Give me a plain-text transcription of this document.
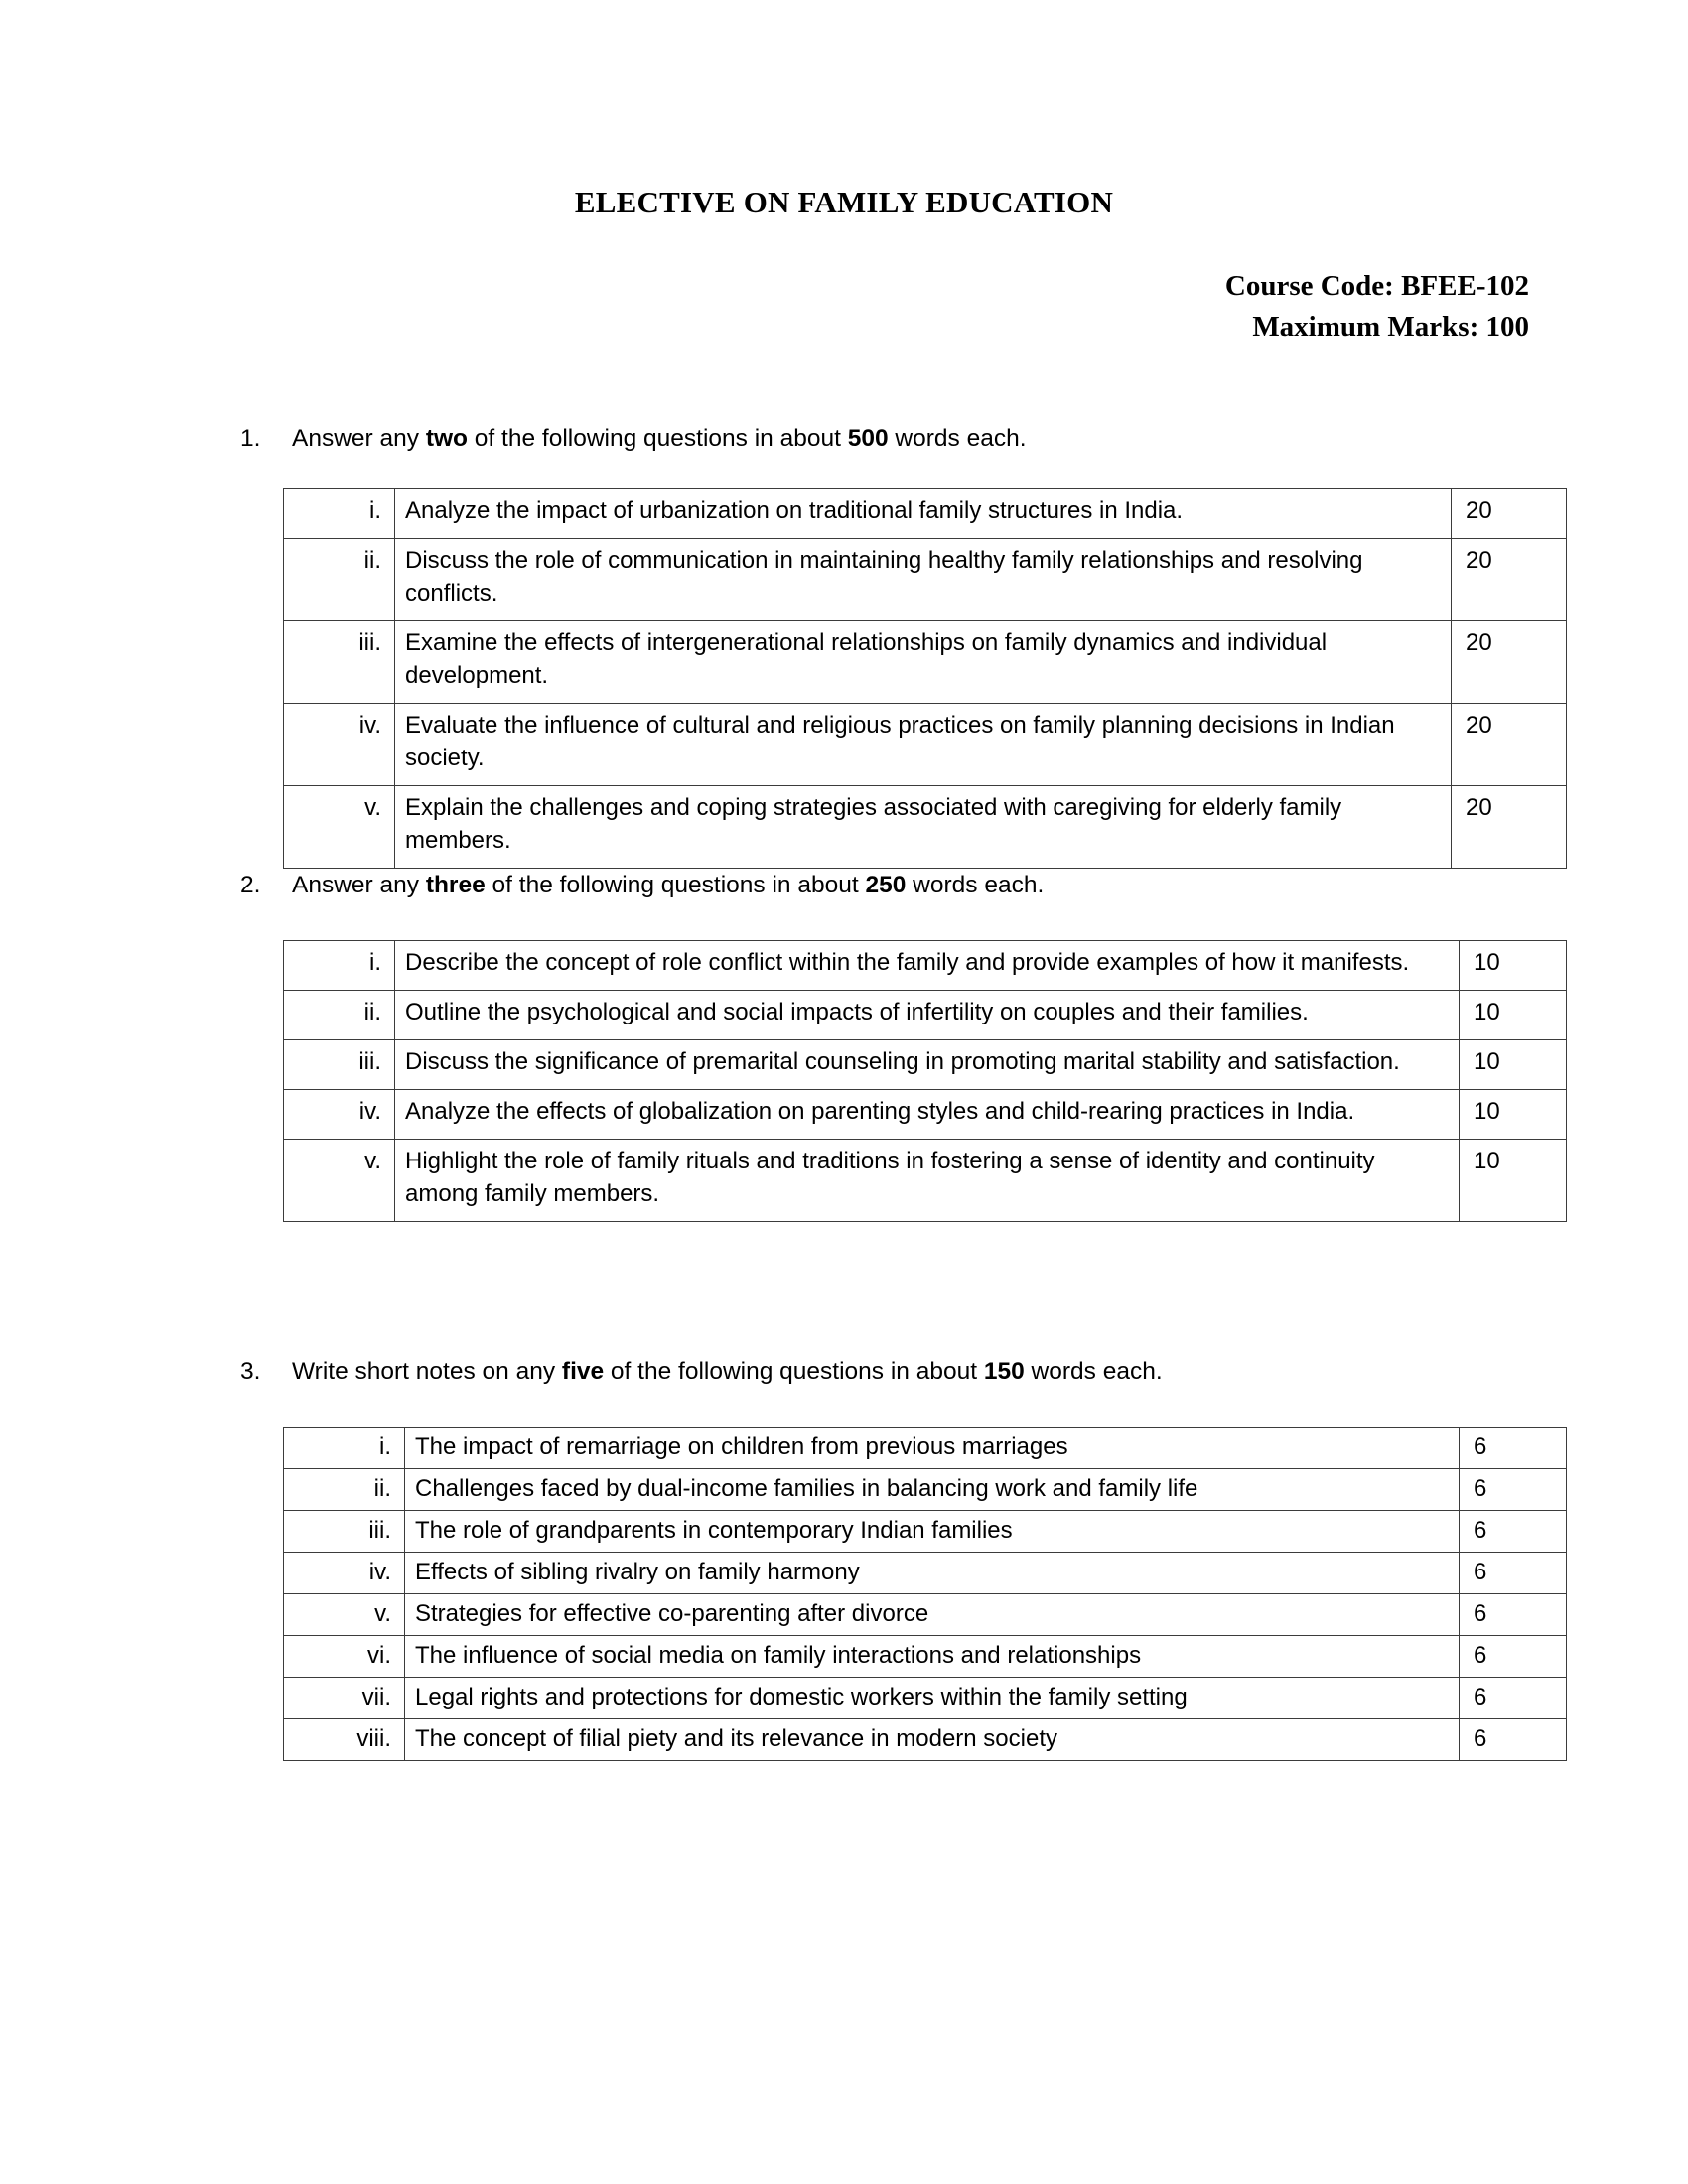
ELECTIVE ON FAMILY EDUCATION
Course Code: BFEE-102
Maximum Marks: 100
1. Answer any two of the following questions in about 500 words each.
i.	Analyze the impact of urbanization on traditional family structures in India.	20
ii.	Discuss the role of communication in maintaining healthy family relationships and resolving conflicts.	20
iii.	Examine the effects of intergenerational relationships on family dynamics and individual development.	20
iv.	Evaluate the influence of cultural and religious practices on family planning decisions in Indian society.	20
v.	Explain the challenges and coping strategies associated with caregiving for elderly family members.	20
2. Answer any three of the following questions in about 250 words each.
i.	Describe the concept of role conflict within the family and provide examples of how it manifests.	10
ii.	Outline the psychological and social impacts of infertility on couples and their families.	10
iii.	Discuss the significance of premarital counseling in promoting marital stability and satisfaction.	10
iv.	Analyze the effects of globalization on parenting styles and child-rearing practices in India.	10
v.	Highlight the role of family rituals and traditions in fostering a sense of identity and continuity among family members.	10
3. Write short notes on any five of the following questions in about 150 words each.
i.	The impact of remarriage on children from previous marriages	6
ii.	Challenges faced by dual-income families in balancing work and family life	6
iii.	The role of grandparents in contemporary Indian families	6
iv.	Effects of sibling rivalry on family harmony	6
v.	Strategies for effective co-parenting after divorce	6
vi.	The influence of social media on family interactions and relationships	6
vii.	Legal rights and protections for domestic workers within the family setting	6
viii.	The concept of filial piety and its relevance in modern society	6
